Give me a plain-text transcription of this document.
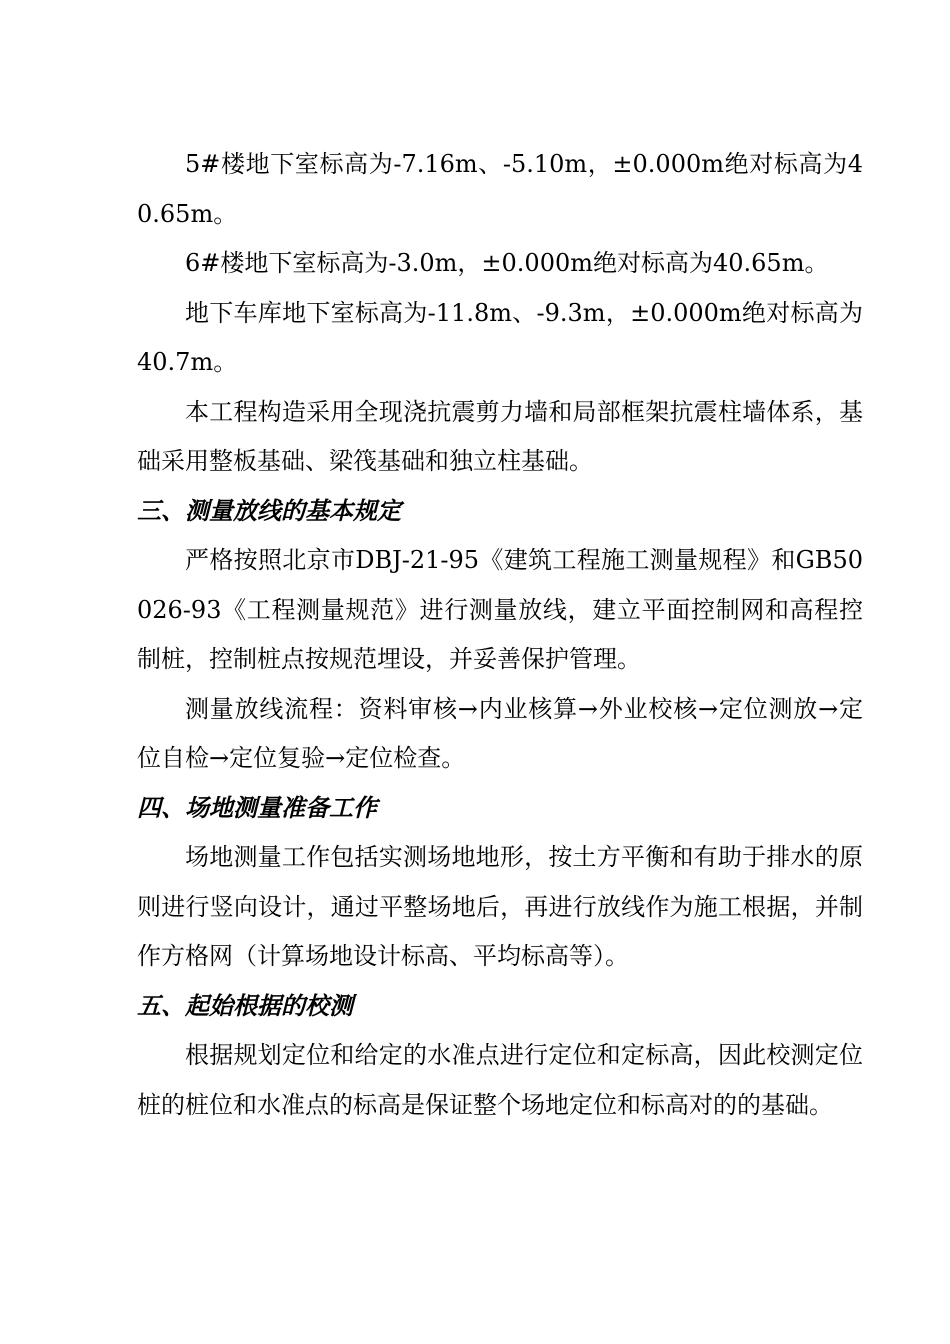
5#楼地下室标高为-7.16m、-5.10m，±0.000m绝对标高为40.65m。

6#楼地下室标高为-3.0m，±0.000m绝对标高为40.65m。

地下车库地下室标高为-11.8m、-9.3m，±0.000m绝对标高为40.7m。

本工程构造采用全现浇抗震剪力墙和局部框架抗震柱墙体系，基础采用整板基础、梁筏基础和独立柱基础。

三、测量放线的基本规定

严格按照北京市DBJ-21-95《建筑工程施工测量规程》和GB50026-93《工程测量规范》进行测量放线，建立平面控制网和高程控制桩，控制桩点按规范埋设，并妥善保护管理。

测量放线流程：资料审核→内业核算→外业校核→定位测放→定位自检→定位复验→定位检查。

四、场地测量准备工作

场地测量工作包括实测场地地形，按土方平衡和有助于排水的原则进行竖向设计，通过平整场地后，再进行放线作为施工根据，并制作方格网（计算场地设计标高、平均标高等）。

五、起始根据的校测

根据规划定位和给定的水准点进行定位和定标高，因此校测定位桩的桩位和水准点的标高是保证整个场地定位和标高对的的基础。
